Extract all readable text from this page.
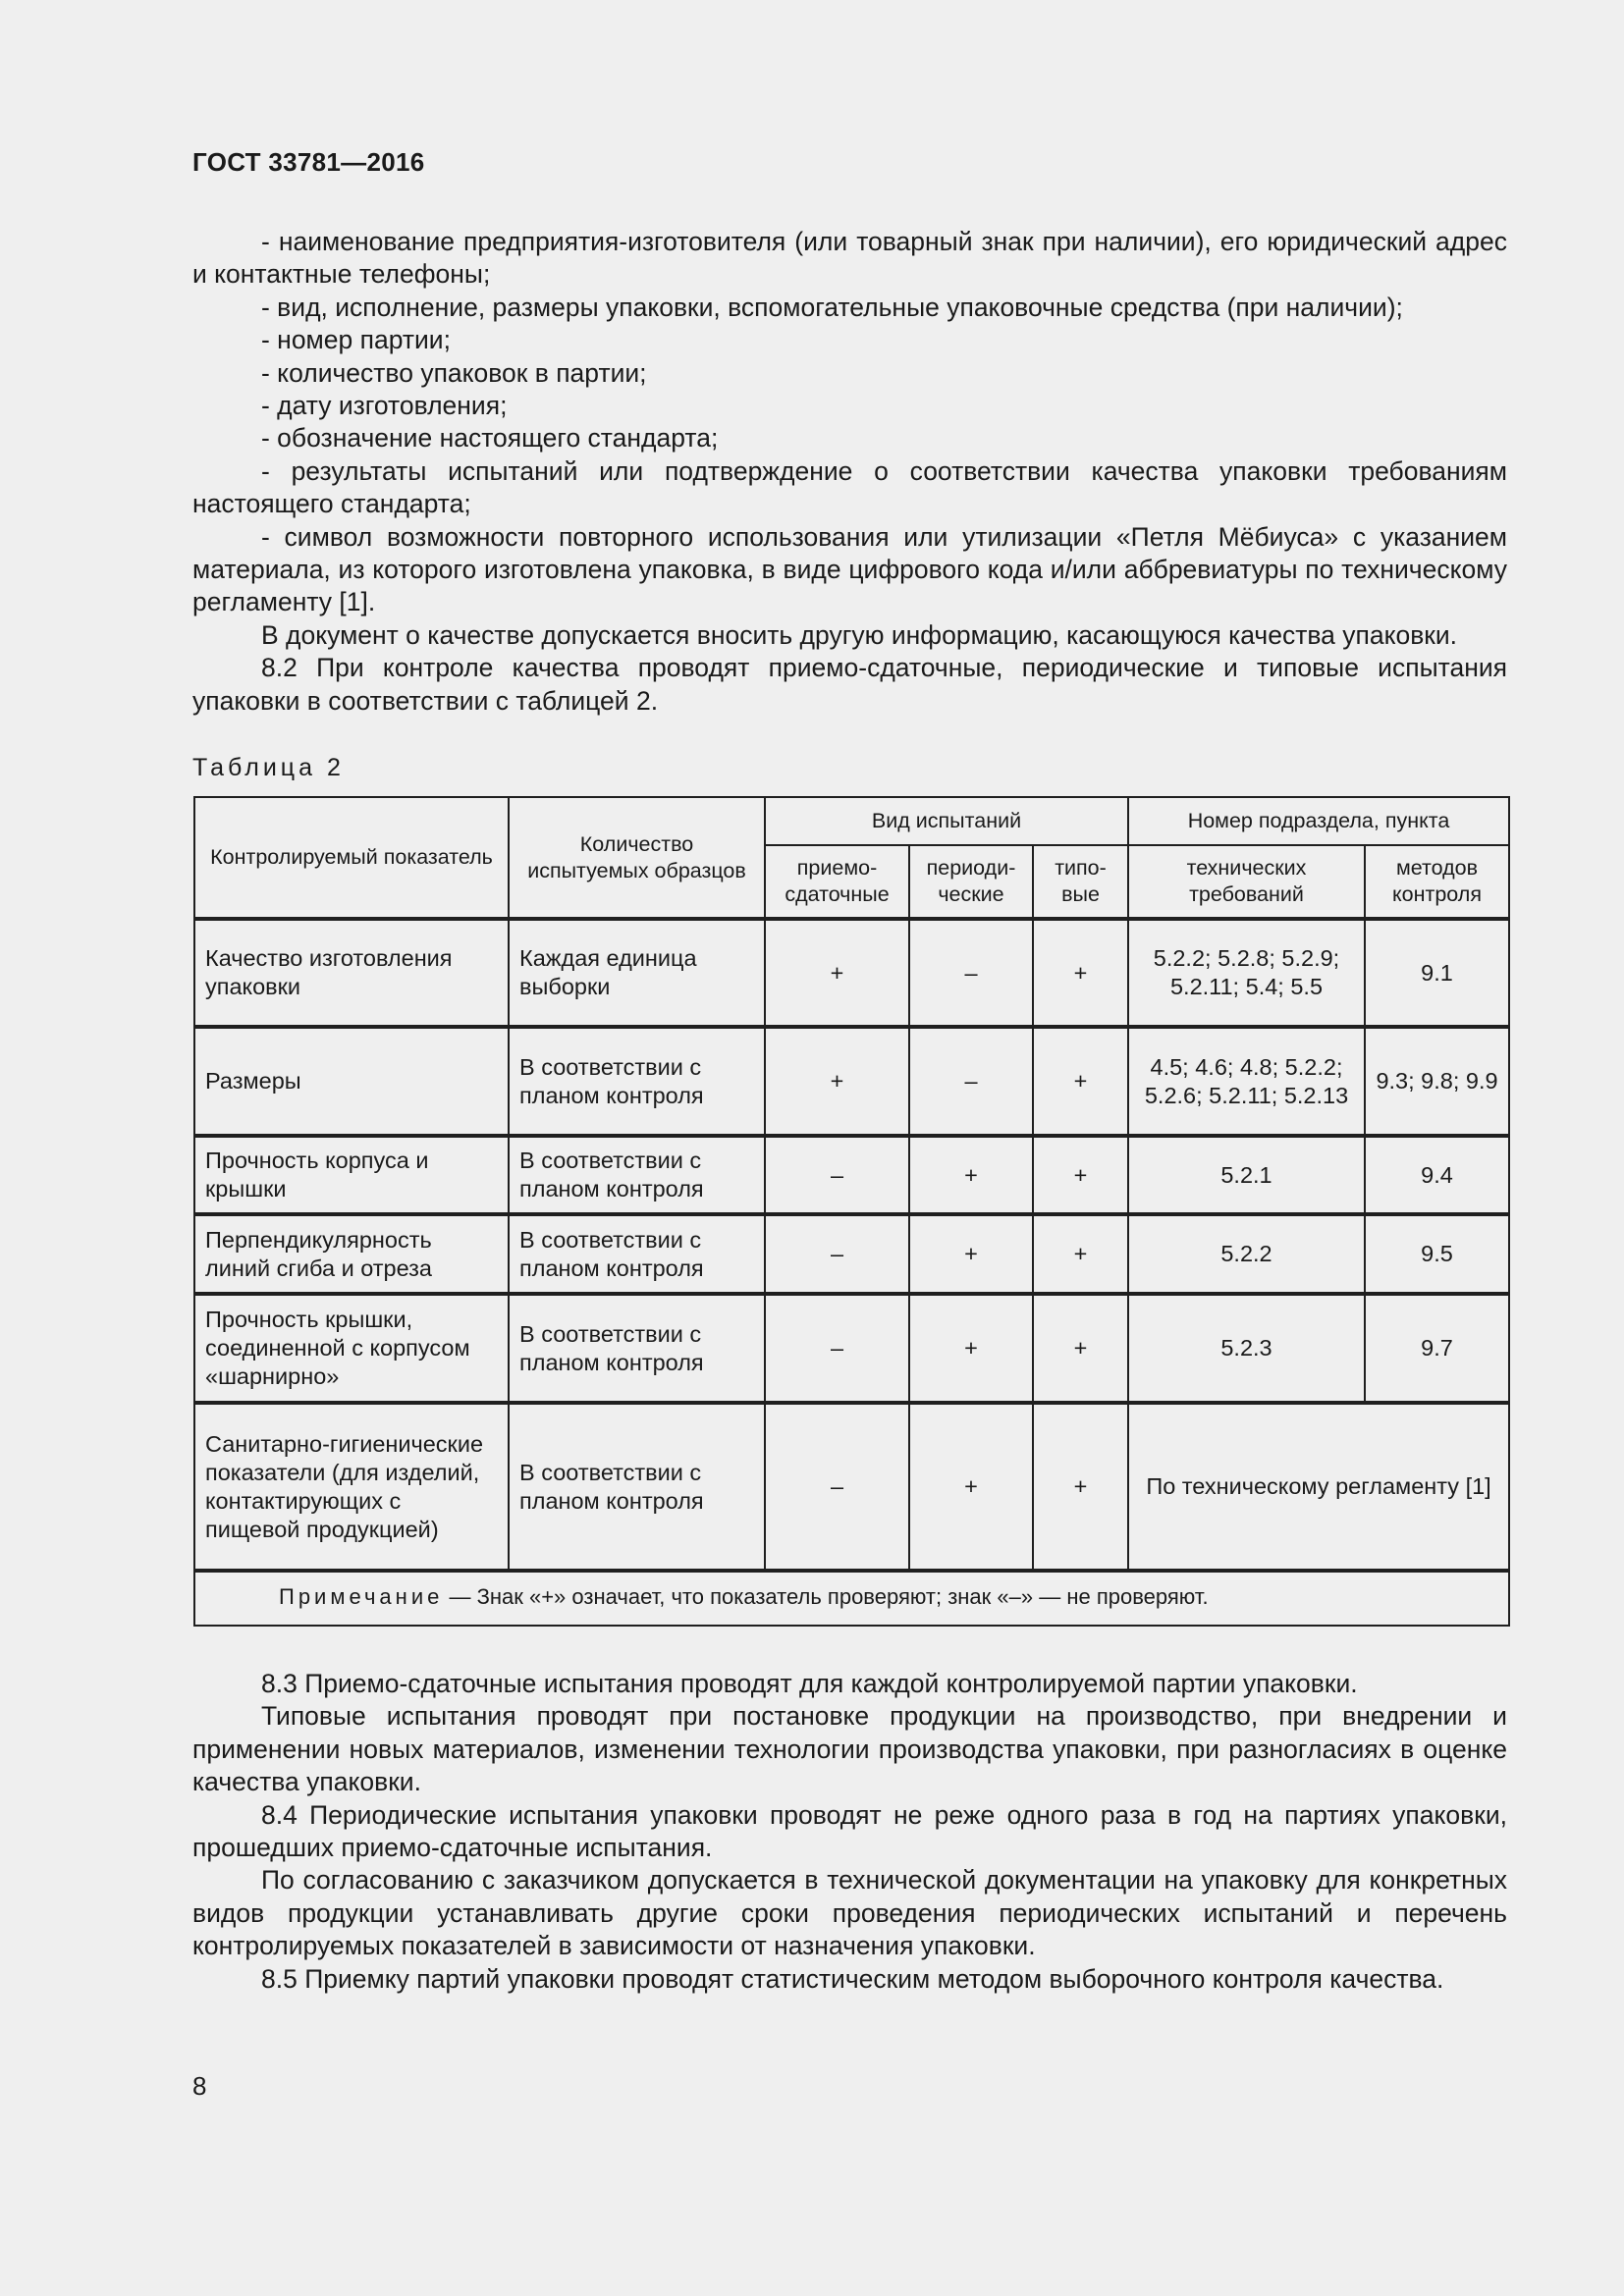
ГОСТ 33781—2016

- наименование предприятия-изготовителя (или товарный знак при наличии), его юридический адрес и контактные телефоны;

- вид, исполнение, размеры упаковки, вспомогательные упаковочные средства (при наличии);

- номер партии;

- количество упаковок в партии;

- дату изготовления;

- обозначение настоящего стандарта;

- результаты испытаний или подтверждение о соответствии качества упаковки требованиям настоящего стандарта;

- символ возможности повторного использования или утилизации «Петля Мёбиуса» с указанием материала, из которого изготовлена упаковка, в виде цифрового кода и/или аббревиатуры по техническому регламенту [1].

В документ о качестве допускается вносить другую информацию, касающуюся качества упаковки.

8.2 При контроле качества проводят приемо-сдаточные, периодические и типовые испытания упаковки в соответствии с таблицей 2.

Таблица 2
Контролируемый показатель	Количество испытуемых образцов	Вид испытаний			Номер подраздела, пункта	
		приемо-сдаточные	периоди-ческие	типо-вые	технических требований	методов контроля
Качество изготовления упаковки	Каждая единица выборки	+	–	+	5.2.2; 5.2.8; 5.2.9; 5.2.11; 5.4; 5.5	9.1
Размеры	В соответствии с планом контроля	+	–	+	4.5; 4.6; 4.8; 5.2.2; 5.2.6; 5.2.11; 5.2.13	9.3; 9.8; 9.9
Прочность корпуса и крышки	В соответствии с планом контроля	–	+	+	5.2.1	9.4
Перпендикулярность линий сгиба и отреза	В соответствии с планом контроля	–	+	+	5.2.2	9.5
Прочность крышки, соединенной с корпусом «шарнирно»	В соответствии с планом контроля	–	+	+	5.2.3	9.7
Санитарно-гигиенические показатели (для изделий, контактирующих с пищевой продукцией)	В соответствии с планом контроля	–	+	+	По техническому регламенту [1]	
Примечание — Знак «+» означает, что показатель проверяют; знак «–» — не проверяют.						

8.3 Приемо-сдаточные испытания проводят для каждой контролируемой партии упаковки.

Типовые испытания проводят при постановке продукции на производство, при внедрении и применении новых материалов, изменении технологии производства упаковки, при разногласиях в оценке качества упаковки.

8.4 Периодические испытания упаковки проводят не реже одного раза в год на партиях упаковки, прошедших приемо-сдаточные испытания.

По согласованию с заказчиком допускается в технической документации на упаковку для конкретных видов продукции устанавливать другие сроки проведения периодических испытаний и перечень контролируемых показателей в зависимости от назначения упаковки.

8.5 Приемку партий упаковки проводят статистическим методом выборочного контроля качества.

8
